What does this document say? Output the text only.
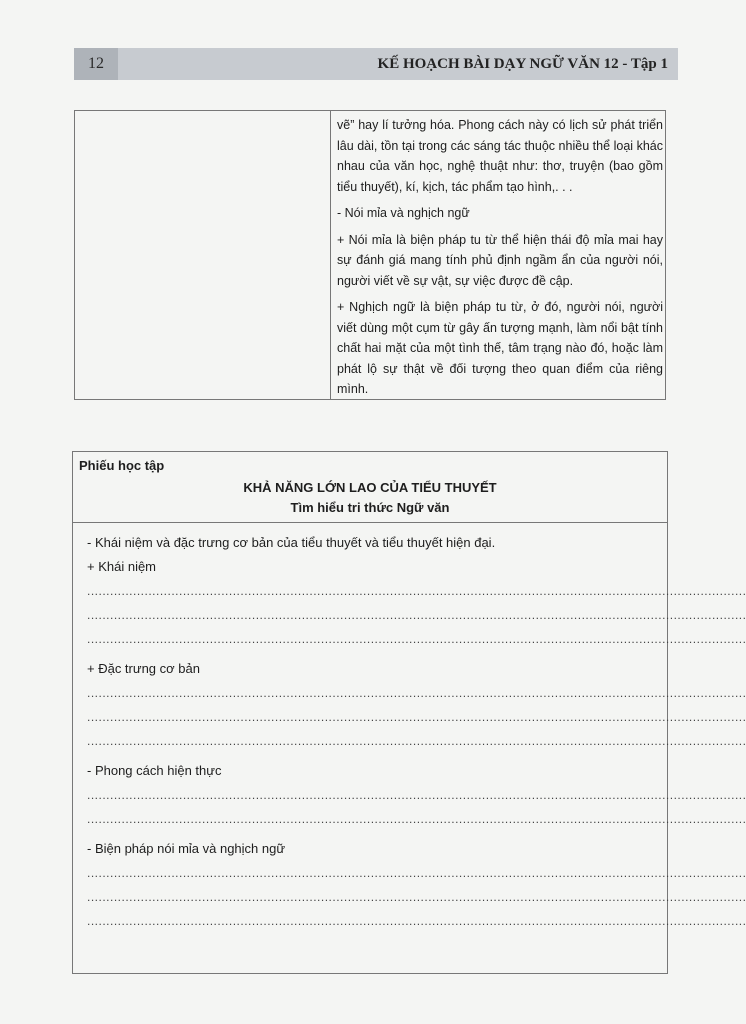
12	KẾ HOẠCH BÀI DẠY NGỮ VĂN 12 - Tập 1

vẽ” hay lí tưởng hóa. Phong cách này có lịch sử phát triển lâu dài, tồn tại trong các sáng tác thuộc nhiều thể loại khác nhau của văn học, nghệ thuật như: thơ, truyện (bao gồm tiểu thuyết), kí, kịch, tác phẩm tạo hình,. . .

- Nói mỉa và nghịch ngữ

+ Nói mỉa là biện pháp tu từ thể hiện thái độ mỉa mai hay sự đánh giá mang tính phủ định ngầm ẩn của người nói, người viết về sự vật, sự việc được đề cập.

+ Nghịch ngữ là biện pháp tu từ, ở đó, người nói, người viết dùng một cụm từ gây ấn tượng mạnh, làm nổi bật tính chất hai mặt của một tình thế, tâm trạng nào đó, hoặc làm phát lộ sự thật về đối tượng theo quan điểm của riêng mình.

Phiếu học tập
KHẢ NĂNG LỚN LAO CỦA TIỂU THUYẾT
Tìm hiểu tri thức Ngữ văn
- Khái niệm và đặc trưng cơ bản của tiểu thuyết và tiểu thuyết hiện đại.
+ Khái niệm
............................................................................................................................................................................
............................................................................................................................................................................
............................................................................................................................................................................
+ Đặc trưng cơ bản
............................................................................................................................................................................
............................................................................................................................................................................
............................................................................................................................................................................
- Phong cách hiện thực
............................................................................................................................................................................
............................................................................................................................................................................
- Biện pháp nói mỉa và nghịch ngữ
............................................................................................................................................................................
............................................................................................................................................................................
............................................................................................................................................................................
